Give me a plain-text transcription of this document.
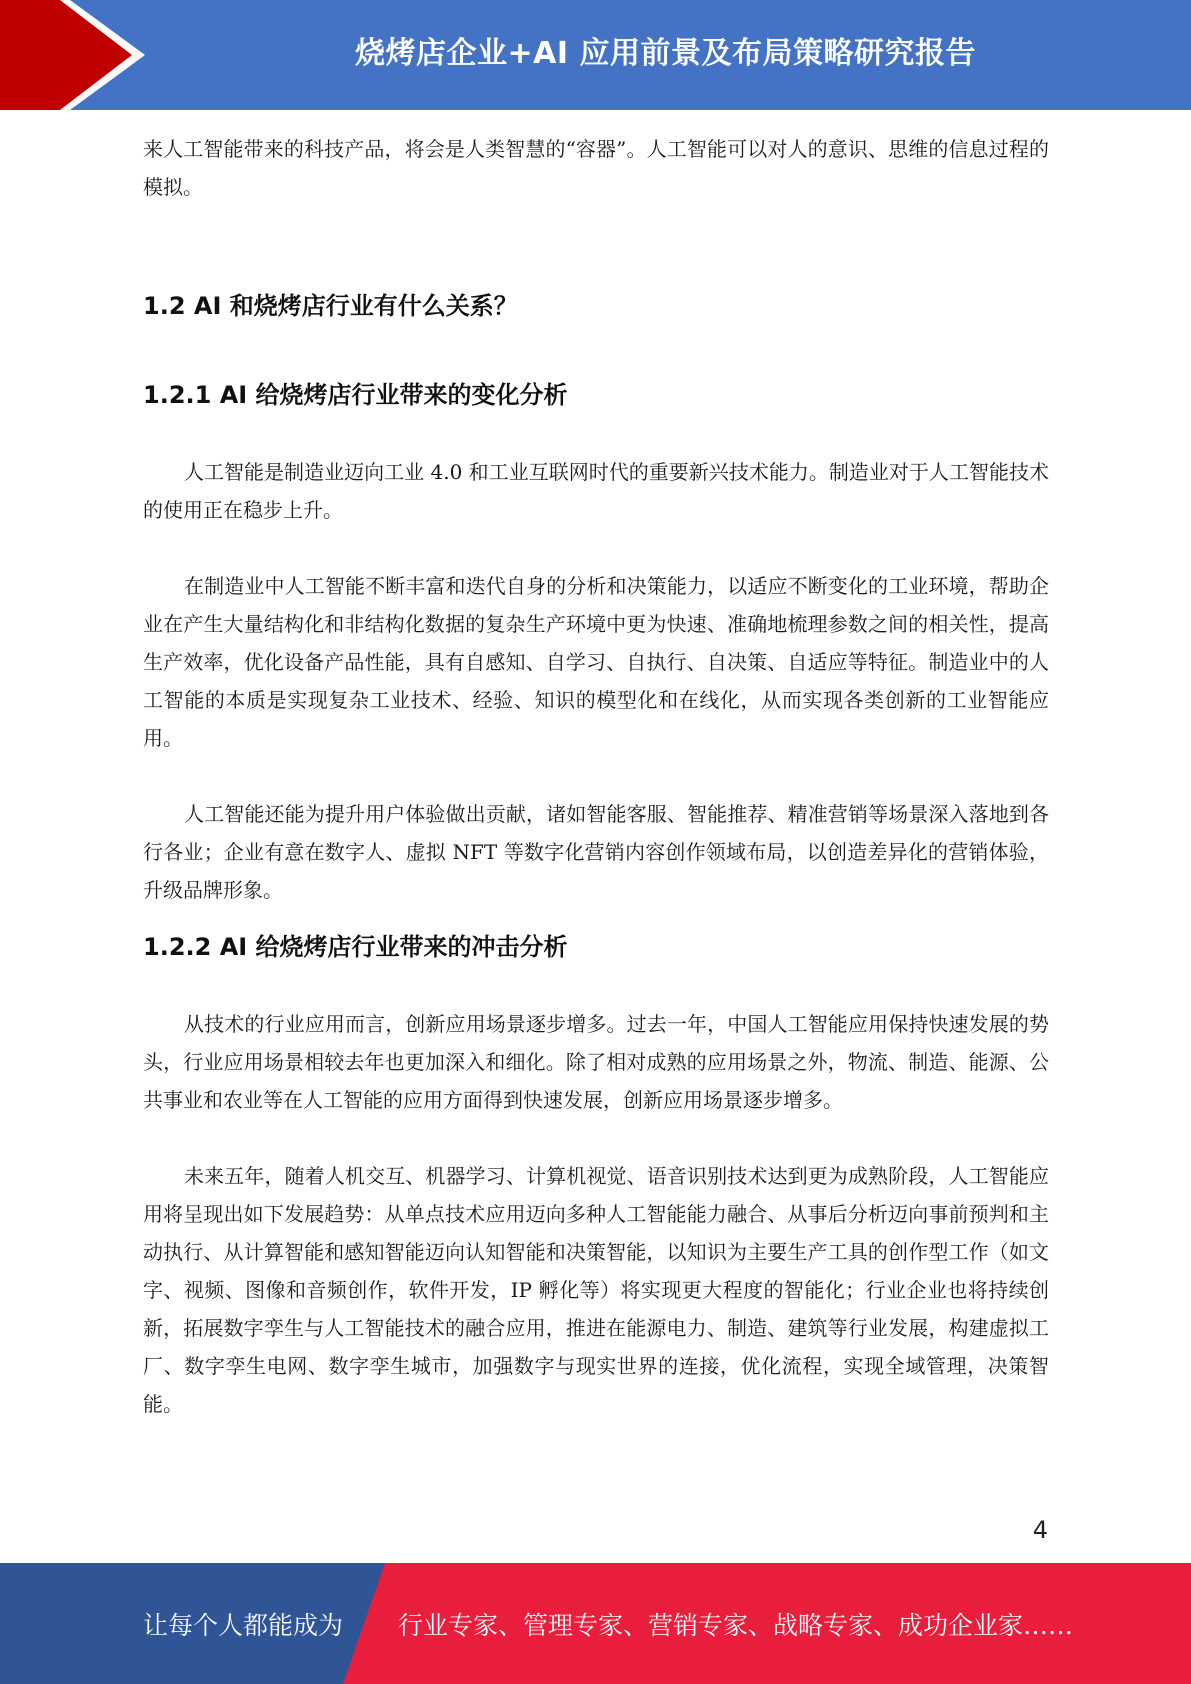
烧烤店企业+AI 应用前景及布局策略研究报告

来人工智能带来的科技产品，将会是人类智慧的“容器”。人工智能可以对人的意识、思维的信息过程的模拟。

1.2 AI 和烧烤店行业有什么关系？
1.2.1 AI 给烧烤店行业带来的变化分析

人工智能是制造业迈向工业 4.0 和工业互联网时代的重要新兴技术能力。制造业对于人工智能技术的使用正在稳步上升。

在制造业中人工智能不断丰富和迭代自身的分析和决策能力，以适应不断变化的工业环境，帮助企业在产生大量结构化和非结构化数据的复杂生产环境中更为快速、准确地梳理参数之间的相关性，提高生产效率，优化设备产品性能，具有自感知、自学习、自执行、自决策、自适应等特征。制造业中的人工智能的本质是实现复杂工业技术、经验、知识的模型化和在线化，从而实现各类创新的工业智能应用。

人工智能还能为提升用户体验做出贡献，诸如智能客服、智能推荐、精准营销等场景深入落地到各行各业；企业有意在数字人、虚拟 NFT 等数字化营销内容创作领域布局，以创造差异化的营销体验，升级品牌形象。

1.2.2 AI 给烧烤店行业带来的冲击分析

从技术的行业应用而言，创新应用场景逐步增多。过去一年，中国人工智能应用保持快速发展的势头，行业应用场景相较去年也更加深入和细化。除了相对成熟的应用场景之外，物流、制造、能源、公共事业和农业等在人工智能的应用方面得到快速发展，创新应用场景逐步增多。

未来五年，随着人机交互、机器学习、计算机视觉、语音识别技术达到更为成熟阶段，人工智能应用将呈现出如下发展趋势：从单点技术应用迈向多种人工智能能力融合、从事后分析迈向事前预判和主动执行、从计算智能和感知智能迈向认知智能和决策智能，以知识为主要生产工具的创作型工作（如文字、视频、图像和音频创作，软件开发，IP 孵化等）将实现更大程度的智能化；行业企业也将持续创新，拓展数字孪生与人工智能技术的融合应用，推进在能源电力、制造、建筑等行业发展，构建虚拟工厂、数字孪生电网、数字孪生城市，加强数字与现实世界的连接，优化流程，实现全域管理，决策智能。

4
让每个人都能成为 行业专家、管理专家、营销专家、战略专家、成功企业家……
